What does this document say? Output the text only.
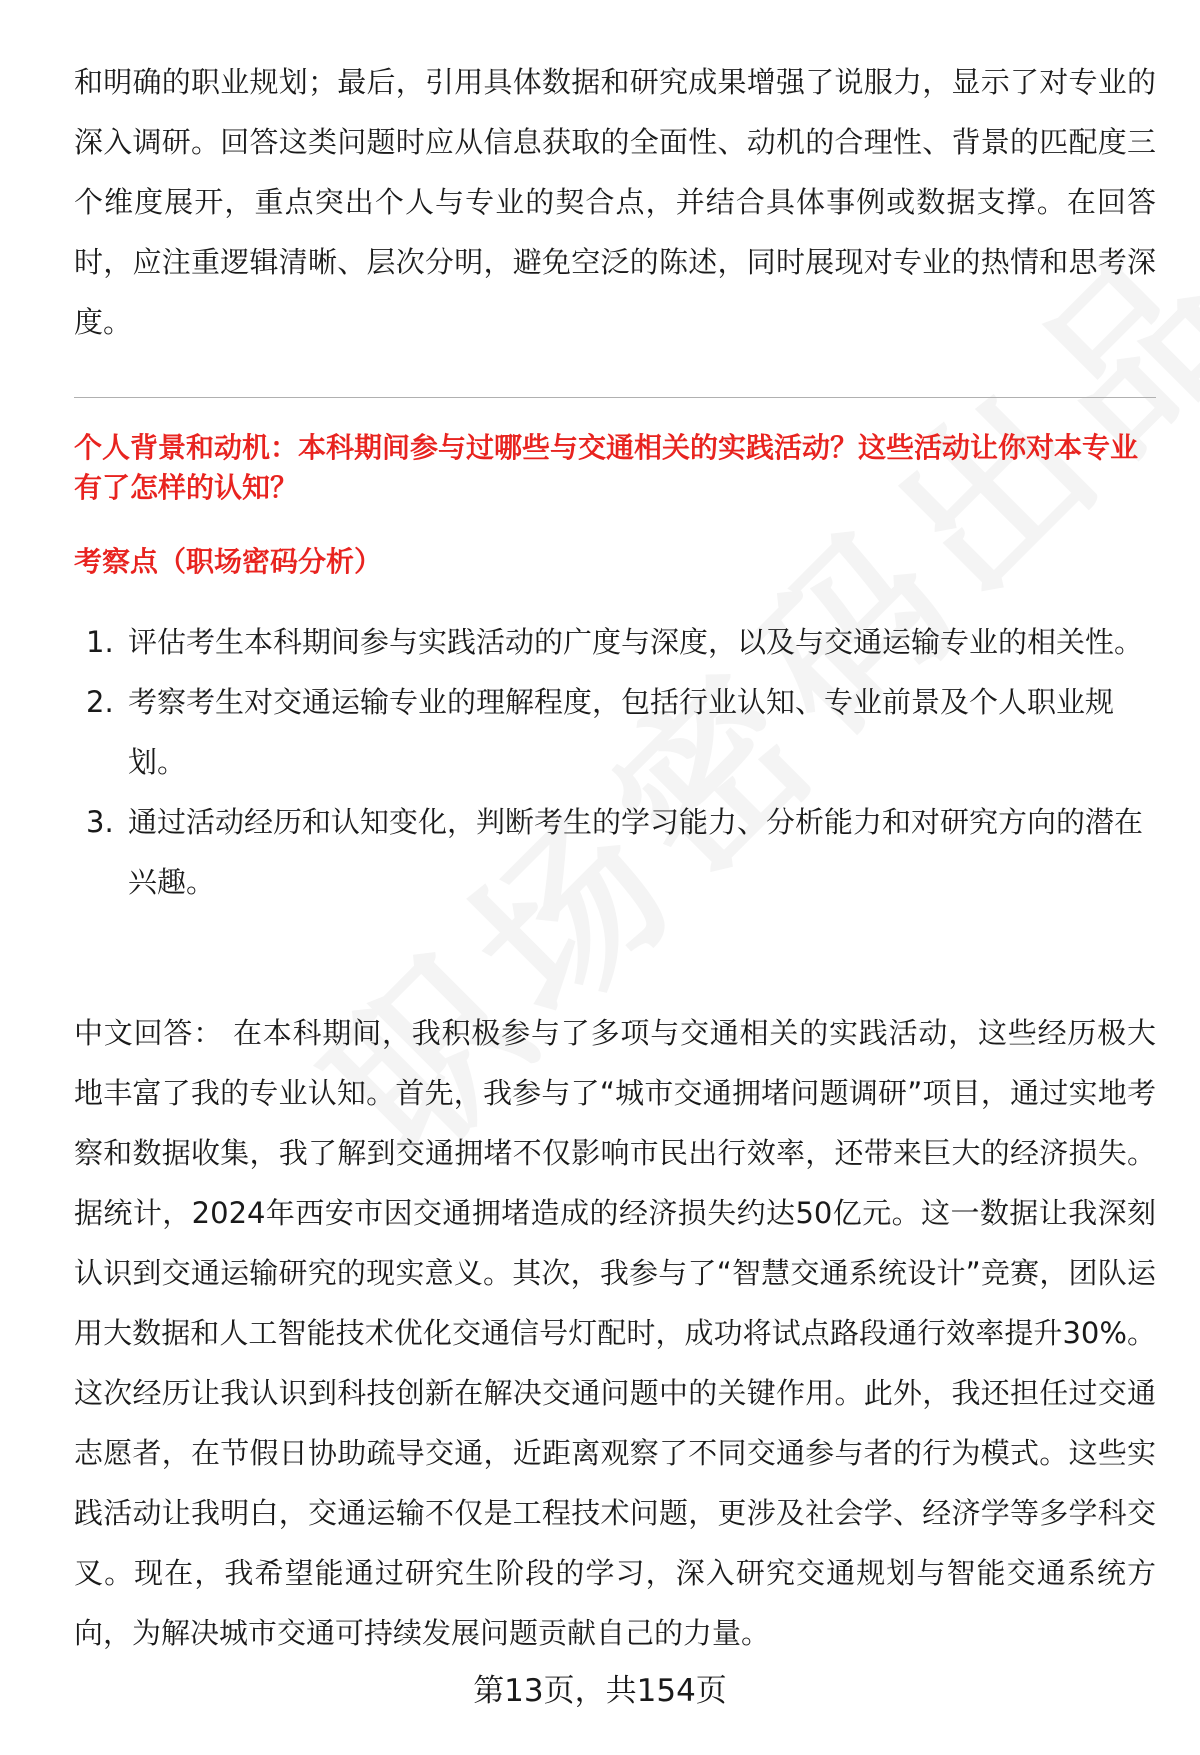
和明确的职业规划；最后，引用具体数据和研究成果增强了说服力，显示了对专业的深入调研。回答这类问题时应从信息获取的全面性、动机的合理性、背景的匹配度三个维度展开，重点突出个人与专业的契合点，并结合具体事例或数据支撑。在回答时，应注重逻辑清晰、层次分明，避免空泛的陈述，同时展现对专业的热情和思考深度。

个人背景和动机：本科期间参与过哪些与交通相关的实践活动？这些活动让你对本专业有了怎样的认知？

考察点（职场密码分析）

1. 评估考生本科期间参与实践活动的广度与深度，以及与交通运输专业的相关性。
2. 考察考生对交通运输专业的理解程度，包括行业认知、专业前景及个人职业规划。
3. 通过活动经历和认知变化，判断考生的学习能力、分析能力和对研究方向的潜在兴趣。

中文回答： 在本科期间，我积极参与了多项与交通相关的实践活动，这些经历极大地丰富了我的专业认知。首先，我参与了“城市交通拥堵问题调研”项目，通过实地考察和数据收集，我了解到交通拥堵不仅影响市民出行效率，还带来巨大的经济损失。据统计，2024年西安市因交通拥堵造成的经济损失约达50亿元。这一数据让我深刻认识到交通运输研究的现实意义。其次，我参与了“智慧交通系统设计”竞赛，团队运用大数据和人工智能技术优化交通信号灯配时，成功将试点路段通行效率提升30%。这次经历让我认识到科技创新在解决交通问题中的关键作用。此外，我还担任过交通志愿者，在节假日协助疏导交通，近距离观察了不同交通参与者的行为模式。这些实践活动让我明白，交通运输不仅是工程技术问题，更涉及社会学、经济学等多学科交叉。现在，我希望能通过研究生阶段的学习，深入研究交通规划与智能交通系统方向，为解决城市交通可持续发展问题贡献自己的力量。

第13页，共154页
